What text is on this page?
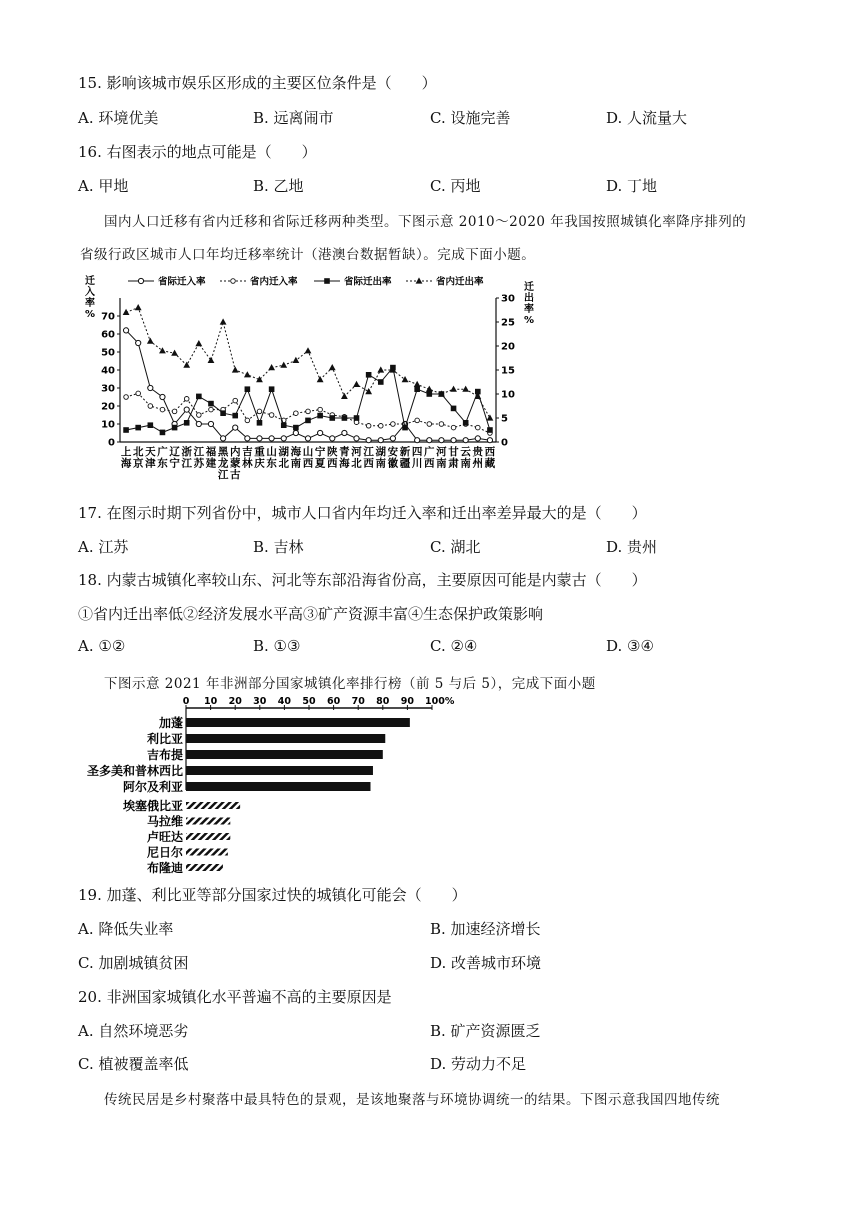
15. 影响该城市娱乐区形成的主要区位条件是（　　）
A. 环境优美	B. 远离闹市	C. 设施完善	D. 人流量大
16. 右图表示的地点可能是（　　）
A. 甲地	B. 乙地	C. 丙地	D. 丁地
国内人口迁移有省内迁移和省际迁移两种类型。下图示意 2010～2020 年我国按照城镇化率降序排列的
省级行政区城市人口年均迁移率统计（港澳台数据暂缺）。完成下面小题。
迁
入
率
%
迁
出
率
%
0
10
20
30
40
50
60
70
0
5
10
15
20
25
30
省际迁入率	省内迁入率	省际迁出率	省内迁出率
上海
北京
天津
广东
辽宁
浙江
江苏
福建
黑龙江
内蒙古
吉林
重庆
山东
湖北
海南
山西
宁夏
陕西
青海
河北
江西
湖南
安徽
新疆
四川
广西
河南
甘肃
云南
贵州
西藏
17. 在图示时期下列省份中，城市人口省内年均迁入率和迁出率差异最大的是（　　）
A. 江苏	B. 吉林	C. 湖北	D. 贵州
18. 内蒙古城镇化率较山东、河北等东部沿海省份高，主要原因可能是内蒙古（　　）
①省内迁出率低②经济发展水平高③矿产资源丰富④生态保护政策影响
A. ①②	B. ①③	C. ②④	D. ③④
下图示意 2021 年非洲部分国家城镇化率排行榜（前 5 与后 5），完成下面小题
0 10 20 30 40 50 60 70 80 90 100%
加蓬
利比亚
吉布提
圣多美和普林西比
阿尔及利亚
埃塞俄比亚
马拉维
卢旺达
尼日尔
布隆迪
19. 加蓬、利比亚等部分国家过快的城镇化可能会（　　）
A. 降低失业率	B. 加速经济增长
C. 加剧城镇贫困	D. 改善城市环境
20. 非洲国家城镇化水平普遍不高的主要原因是
A. 自然环境恶劣	B. 矿产资源匮乏
C. 植被覆盖率低	D. 劳动力不足
传统民居是乡村聚落中最具特色的景观，是该地聚落与环境协调统一的结果。下图示意我国四地传统
